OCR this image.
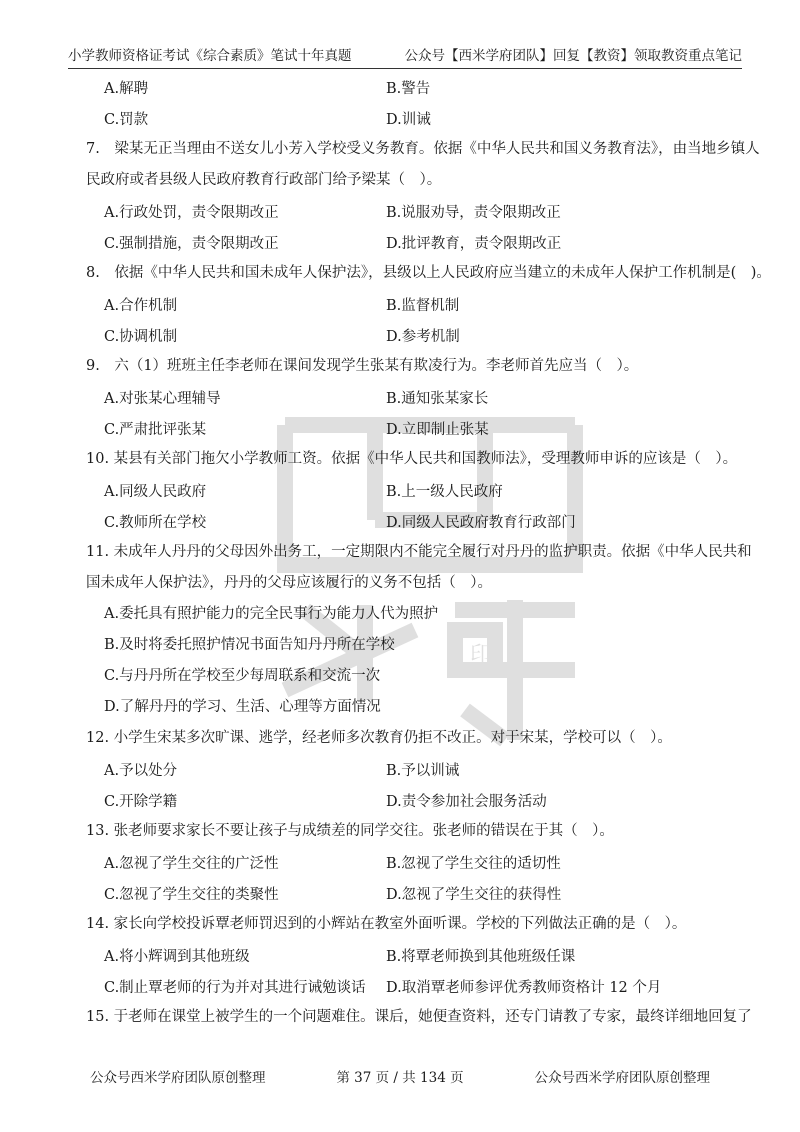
小学教师资格证考试《综合素质》笔试十年真题	公众号【西米学府团队】回复【教资】领取教资重点笔记
印
A.解聘	B.警告
C.罚款	D.训诫
7.　梁某无正当理由不送女儿小芳入学校受义务教育。依据《中华人民共和国义务教育法》，由当地乡镇人
民政府或者县级人民政府教育行政部门给予梁某（　）。
A.行政处罚，责令限期改正	B.说服劝导，责令限期改正
C.强制措施，责令限期改正	D.批评教育，责令限期改正
8.　依据《中华人民共和国未成年人保护法》，县级以上人民政府应当建立的未成年人保护工作机制是(　)。
A.合作机制	B.监督机制
C.协调机制	D.参考机制
9.　六（1）班班主任李老师在课间发现学生张某有欺凌行为。李老师首先应当（　）。
A.对张某心理辅导	B.通知张某家长
C.严肃批评张某	D.立即制止张某
10. 某县有关部门拖欠小学教师工资。依据《中华人民共和国教师法》，受理教师申诉的应该是（　）。
A.同级人民政府	B.上一级人民政府
C.教师所在学校	D.同级人民政府教育行政部门
11. 未成年人丹丹的父母因外出务工，一定期限内不能完全履行对丹丹的监护职责。依据《中华人民共和
国未成年人保护法》，丹丹的父母应该履行的义务不包括（　）。
A.委托具有照护能力的完全民事行为能力人代为照护
B.及时将委托照护情况书面告知丹丹所在学校
C.与丹丹所在学校至少每周联系和交流一次
D.了解丹丹的学习、生活、心理等方面情况
12. 小学生宋某多次旷课、逃学，经老师多次教育仍拒不改正。对于宋某，学校可以（　）。
A.予以处分	B.予以训诫
C.开除学籍	D.责令参加社会服务活动
13. 张老师要求家长不要让孩子与成绩差的同学交往。张老师的错误在于其（　）。
A.忽视了学生交往的广泛性	B.忽视了学生交往的适切性
C.忽视了学生交往的类聚性	D.忽视了学生交往的获得性
14. 家长向学校投诉覃老师罚迟到的小辉站在教室外面听课。学校的下列做法正确的是（　）。
A.将小辉调到其他班级	B.将覃老师换到其他班级任课
C.制止覃老师的行为并对其进行诫勉谈话 D.取消覃老师参评优秀教师资格计 12 个月
15. 于老师在课堂上被学生的一个问题难住。课后，她便查资料，还专门请教了专家，最终详细地回复了
公众号西米学府团队原创整理	第 37 页 / 共 134 页	公众号西米学府团队原创整理
